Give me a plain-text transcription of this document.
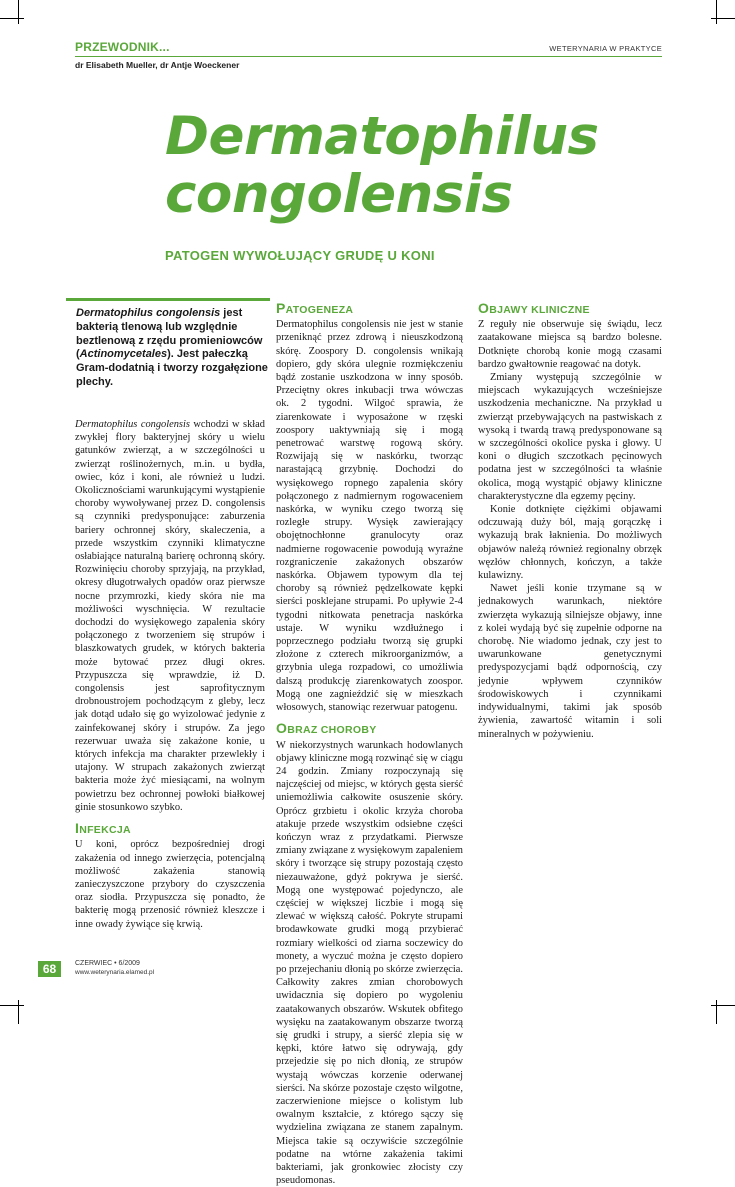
PRZEWODNIK...	WETERYNARIA W PRAKTYCE
dr Elisabeth Mueller, dr Antje Woeckener
Dermatophilus
congolensis
PATOGEN WYWOŁUJĄCY GRUDĘ U KONI

Dermatophilus congolensis jest bakterią tlenową lub względnie beztlenową z rzędu promieniowców (Actinomycetales). Jest pałeczką Gram-dodatnią i tworzy rozgałęzione plechy.

Dermatophilus congolensis wchodzi w skład zwykłej flory bakteryjnej skóry u wielu gatunków zwierząt, a w szczególności u zwierząt roślinożernych, m.in. u bydła, owiec, kóz i koni, ale również u ludzi. Okolicznościami warunkującymi wystąpienie choroby wywoływanej przez D. congolensis są czynniki predysponujące: zaburzenia bariery ochronnej skóry, skaleczenia, a przede wszystkim czynniki klimatyczne osłabiające naturalną barierę ochronną skóry. Rozwinięciu choroby sprzyjają, na przykład, okresy długotrwałych opadów oraz pierwsze nocne przymrozki, kiedy skóra nie ma możliwości wyschnięcia. W rezultacie dochodzi do wysiękowego zapalenia skóry połączonego z tworzeniem się strupów i blaszkowatych grudek, w których bakteria może bytować przez długi okres. Przypuszcza się wprawdzie, iż D. congolensis jest saprofitycznym drobnoustrojem pochodzącym z gleby, lecz jak dotąd udało się go wyizolować jedynie z zainfekowanej skóry i strupów. Za jego rezerwuar uważa się zakażone konie, u których infekcja ma charakter przewlekły i utajony. W strupach zakażonych zwierząt bakteria może żyć miesiącami, na wolnym powietrzu bez ochronnej powłoki białkowej ginie stosunkowo szybko.

INFEKCJA

U koni, oprócz bezpośredniej drogi zakażenia od innego zwierzęcia, potencjalną możliwość zakażenia stanowią zanieczyszczone przybory do czyszczenia oraz siodła. Przypuszcza się ponadto, że bakterię mogą przenosić również kleszcze i inne owady żywiące się krwią.

PATOGENEZA

Dermatophilus congolensis nie jest w stanie przeniknąć przez zdrową i nieuszkodzoną skórę. Zoospory D. congolensis wnikają dopiero, gdy skóra ulegnie rozmiękczeniu bądź zostanie uszkodzona w inny sposób. Przeciętny okres inkubacji trwa wówczas ok. 2 tygodni. Wilgoć sprawia, że ziarenkowate i wyposażone w rzęski zoospory uaktywniają się i mogą penetrować warstwę rogową skóry. Rozwijają się w naskórku, tworząc narastającą grzybnię. Dochodzi do wysiękowego ropnego zapalenia skóry połączonego z nadmiernym rogowaceniem naskórka, w wyniku czego tworzą się rozległe strupy. Wysięk zawierający obojętnochłonne granulocyty oraz nadmierne rogowacenie powodują wyraźne rozgraniczenie zakażonych obszarów naskórka. Objawem typowym dla tej choroby są również pędzelkowate kępki sierści posklejane strupami. Po upływie 2-4 tygodni nitkowata penetracja naskórka ustaje. W wyniku wzdłużnego i poprzecznego podziału tworzą się grupki złożone z czterech mikroorganizmów, a grzybnia ulega rozpadowi, co umożliwia dalszą produkcję ziarenkowatych zoospor. Mogą one zagnieździć się w mieszkach włosowych, stanowiąc rezerwuar patogenu.

OBRAZ CHOROBY

W niekorzystnych warunkach hodowlanych objawy kliniczne mogą rozwinąć się w ciągu 24 godzin. Zmiany rozpoczynają się najczęściej od miejsc, w których gęsta sierść uniemożliwia całkowite osuszenie skóry. Oprócz grzbietu i okolic krzyża choroba atakuje przede wszystkim odsiebne części kończyn wraz z przydatkami. Pierwsze zmiany związane z wysiękowym zapaleniem skóry i tworzące się strupy pozostają często niezauważone, gdyż pokrywa je sierść. Mogą one występować pojedynczo, ale częściej w większej liczbie i mogą się zlewać w większą całość. Pokryte strupami brodawkowate grudki mogą przybierać rozmiary wielkości od ziarna soczewicy do monety, a wyczuć można je często dopiero po przejechaniu dłonią po skórze zwierzęcia. Całkowity zakres zmian chorobowych uwidacznia się dopiero po wygoleniu zaatakowanych obszarów. Wskutek obfitego wysięku na zaatakowanym obszarze tworzą się grudki i strupy, a sierść zlepia się w kępki, które łatwo się odrywają, gdy przejedzie się po nich dłonią, ze strupów wystają wówczas korzenie oderwanej sierści. Na skórze pozostaje często wilgotne, zaczerwienione miejsce o kolistym lub owalnym kształcie, z którego sączy się wydzielina związana ze stanem zapalnym. Miejsca takie są oczywiście szczególnie podatne na wtórne zakażenia takimi bakteriami, jak gronkowiec złocisty czy pseudomonas.

OBJAWY KLINICZNE

Z reguły nie obserwuje się świądu, lecz zaatakowane miejsca są bardzo bolesne. Dotknięte chorobą konie mogą czasami bardzo gwałtownie reagować na dotyk.

Zmiany występują szczególnie w miejscach wykazujących wcześniejsze uszkodzenia mechaniczne. Na przykład u zwierząt przebywających na pastwiskach z wysoką i twardą trawą predysponowane są w szczególności okolice pyska i głowy. U koni o długich szczotkach pęcinowych podatna jest w szczególności ta właśnie okolica, mogą wystąpić objawy kliniczne charakterystyczne dla egzemy pęciny.

Konie dotknięte ciężkimi objawami odczuwają duży ból, mają gorączkę i wykazują brak łaknienia. Do możliwych objawów należą również regionalny obrzęk węzłów chłonnych, kończyn, a także kulawizny.

Nawet jeśli konie trzymane są w jednakowych warunkach, niektóre zwierzęta wykazują silniejsze objawy, inne z kolei wydają być się zupełnie odporne na chorobę. Nie wiadomo jednak, czy jest to uwarunkowane genetycznymi predyspozycjami bądź odpornością, czy jedynie wpływem czynników środowiskowych i czynnikami indywidualnymi, takimi jak sposób żywienia, zawartość witamin i soli mineralnych w pożywieniu.

68	CZERWIEC • 6/2009
www.weterynaria.elamed.pl
